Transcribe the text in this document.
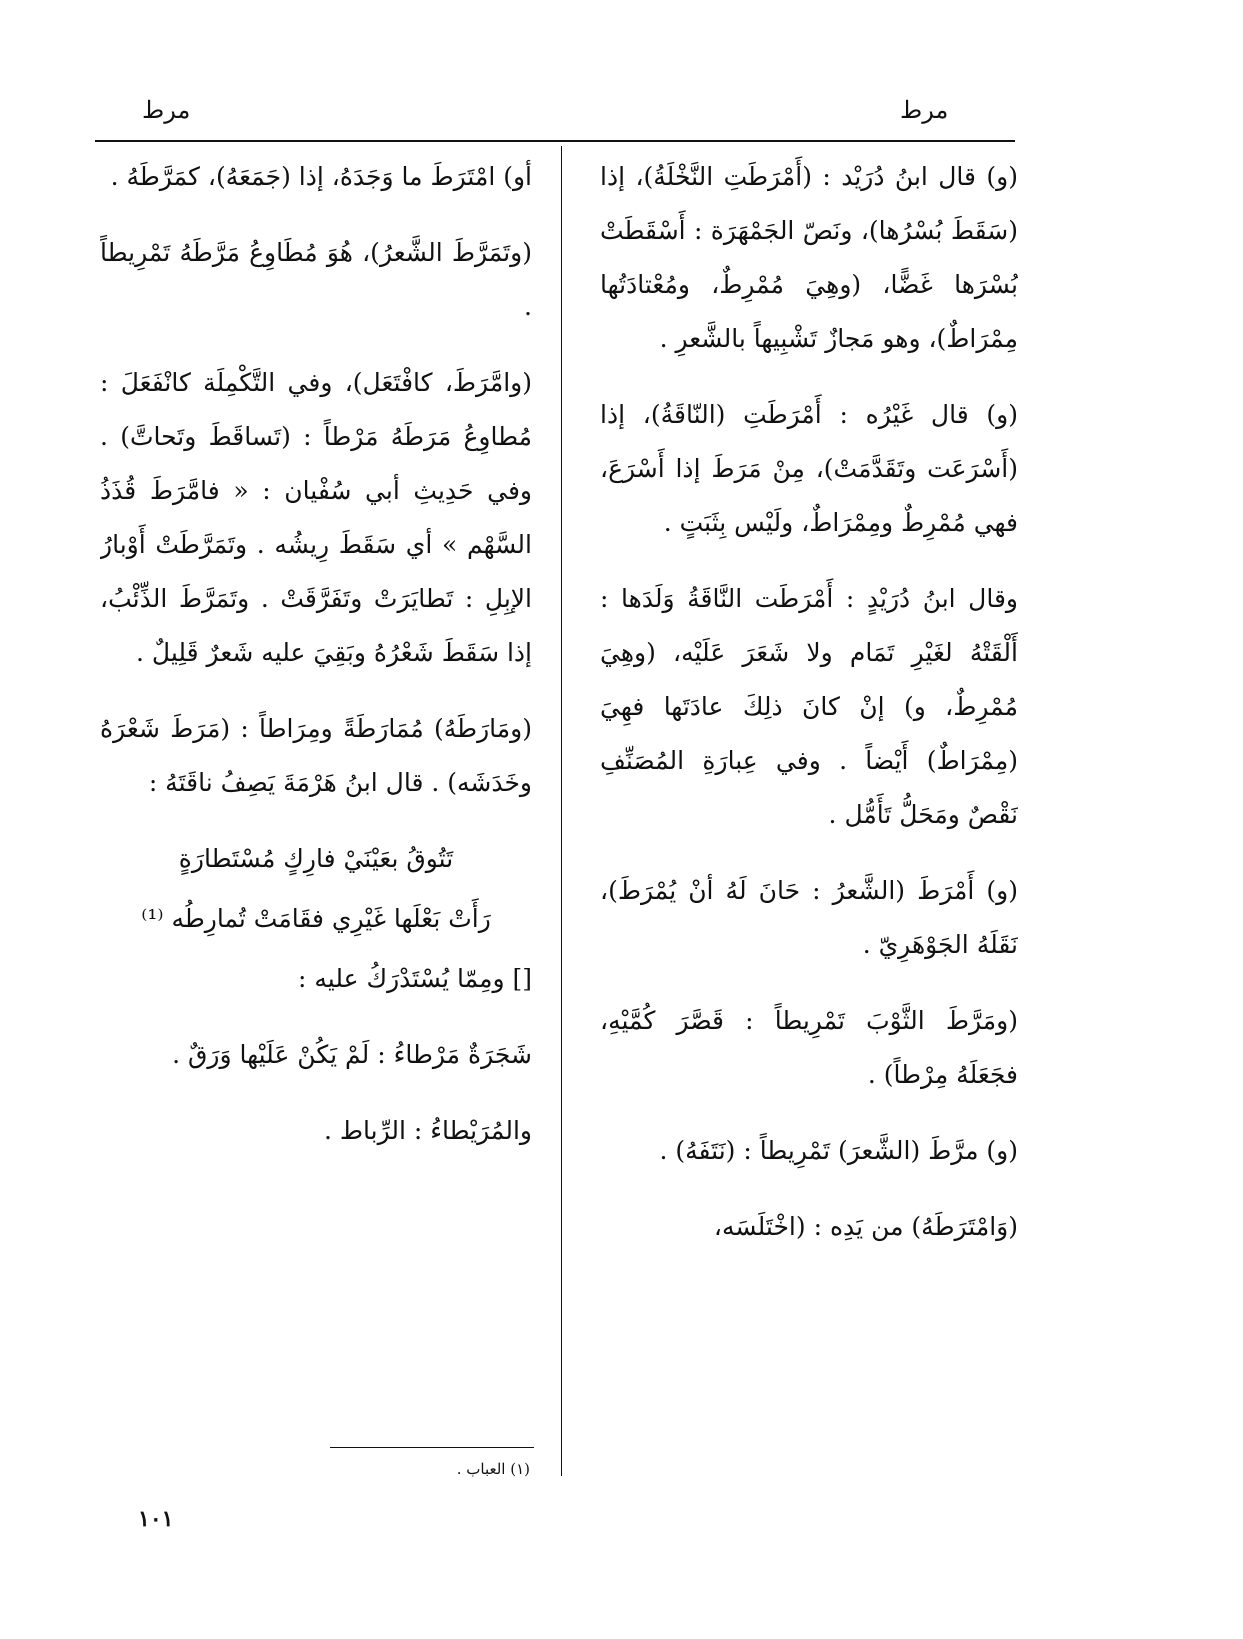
مرط
مرط

(و) قال ابنُ دُرَيْد : (أَمْرَطَتِ النَّخْلَةُ)، إذا (سَقَطَ بُسْرُها)، ونَصّ الجَمْهَرَة : أَسْقَطَتْ بُسْرَها غَضًّا، (وهِيَ مُمْرِطٌ، ومُعْتادَتُها مِمْرَاطٌ)، وهو مَجازٌ تَشْبِيهاً بالشَّعرِ .

(و) قال غَيْرُه : أَمْرَطَتِ (النّاقَةُ)، إذا (أَسْرَعَت وتَقَدَّمَتْ)، مِنْ مَرَطَ إذا أَسْرَعَ، فهي مُمْرِطٌ ومِمْرَاطٌ، ولَيْس بِثَبَتٍ .

وقال ابنُ دُرَيْدٍ : أَمْرَطَت النَّاقَةُ وَلَدَها : أَلْقَتْهُ لغَيْرِ تَمَام ولا شَعَرَ عَلَيْه، (وهِيَ مُمْرِطٌ، و) إنْ كانَ ذلِكَ عادَتَها فهِيَ (مِمْرَاطٌ) أَيْضاً . وفي عِبارَةِ المُصَنِّفِ نَقْصٌ ومَحَلُّ تَأَمُّل .

(و) أَمْرَطَ (الشَّعرُ : حَانَ لَهُ أنْ يُمْرَطَ)، نَقَلَهُ الجَوْهَرِيّ .

(ومَرَّطَ الثَّوْبَ تَمْرِيطاً : قَصَّرَ كُمَّيْهِ، فجَعَلَهُ مِرْطاً) .

(و) مرَّطَ (الشَّعرَ) تَمْرِيطاً : (نَتَفَهُ) .

(وَامْتَرَطَهُ) من يَدِه : (اخْتَلَسَه،

أو) امْتَرَطَ ما وَجَدَهُ، إذا (جَمَعَهُ)، كمَرَّطَهُ .

(وتَمَرَّطَ الشَّعرُ)، هُوَ مُطَاوِعُ مَرَّطَهُ تَمْرِيطاً .

(وامَّرَطَ، كافْتَعَل)، وفي التَّكْمِلَة كانْفَعَلَ : مُطاوِعُ مَرَطَهُ مَرْطاً : (تَساقَطَ وتَحاتَّ) . وفي حَدِيثِ أبي سُفْيان : « فامَّرَطَ قُذَذُ السَّهْم » أي سَقَطَ رِيشُه . وتَمَرَّطَتْ أَوْبارُ الإبِلِ : تَطايَرَتْ وتَفَرَّقَتْ . وتَمَرَّطَ الذِّئْبُ، إذا سَقَطَ شَعْرُهُ وبَقِيَ عليه شَعرٌ قَلِيلٌ .

(ومَارَطَهُ) مُمَارَطَةً ومِرَاطاً : (مَرَطَ شَعْرَهُ وخَدَشَه) . قال ابنُ هَرْمَةَ يَصِفُ ناقَتَهُ :

تَتُوقُ بعَيْنَيْ فارِكٍ مُسْتَطارَةٍ

رَأَتْ بَعْلَها غَيْرِي فقَامَتْ تُمارِطُه ⁽¹⁾

[] ومِمّا يُسْتَدْرَكُ عليه :

شَجَرَةٌ مَرْطاءُ : لَمْ يَكُنْ عَلَيْها وَرَقٌ .

والمُرَيْطاءُ : الرِّباط .

(١) العباب .
١٠١
